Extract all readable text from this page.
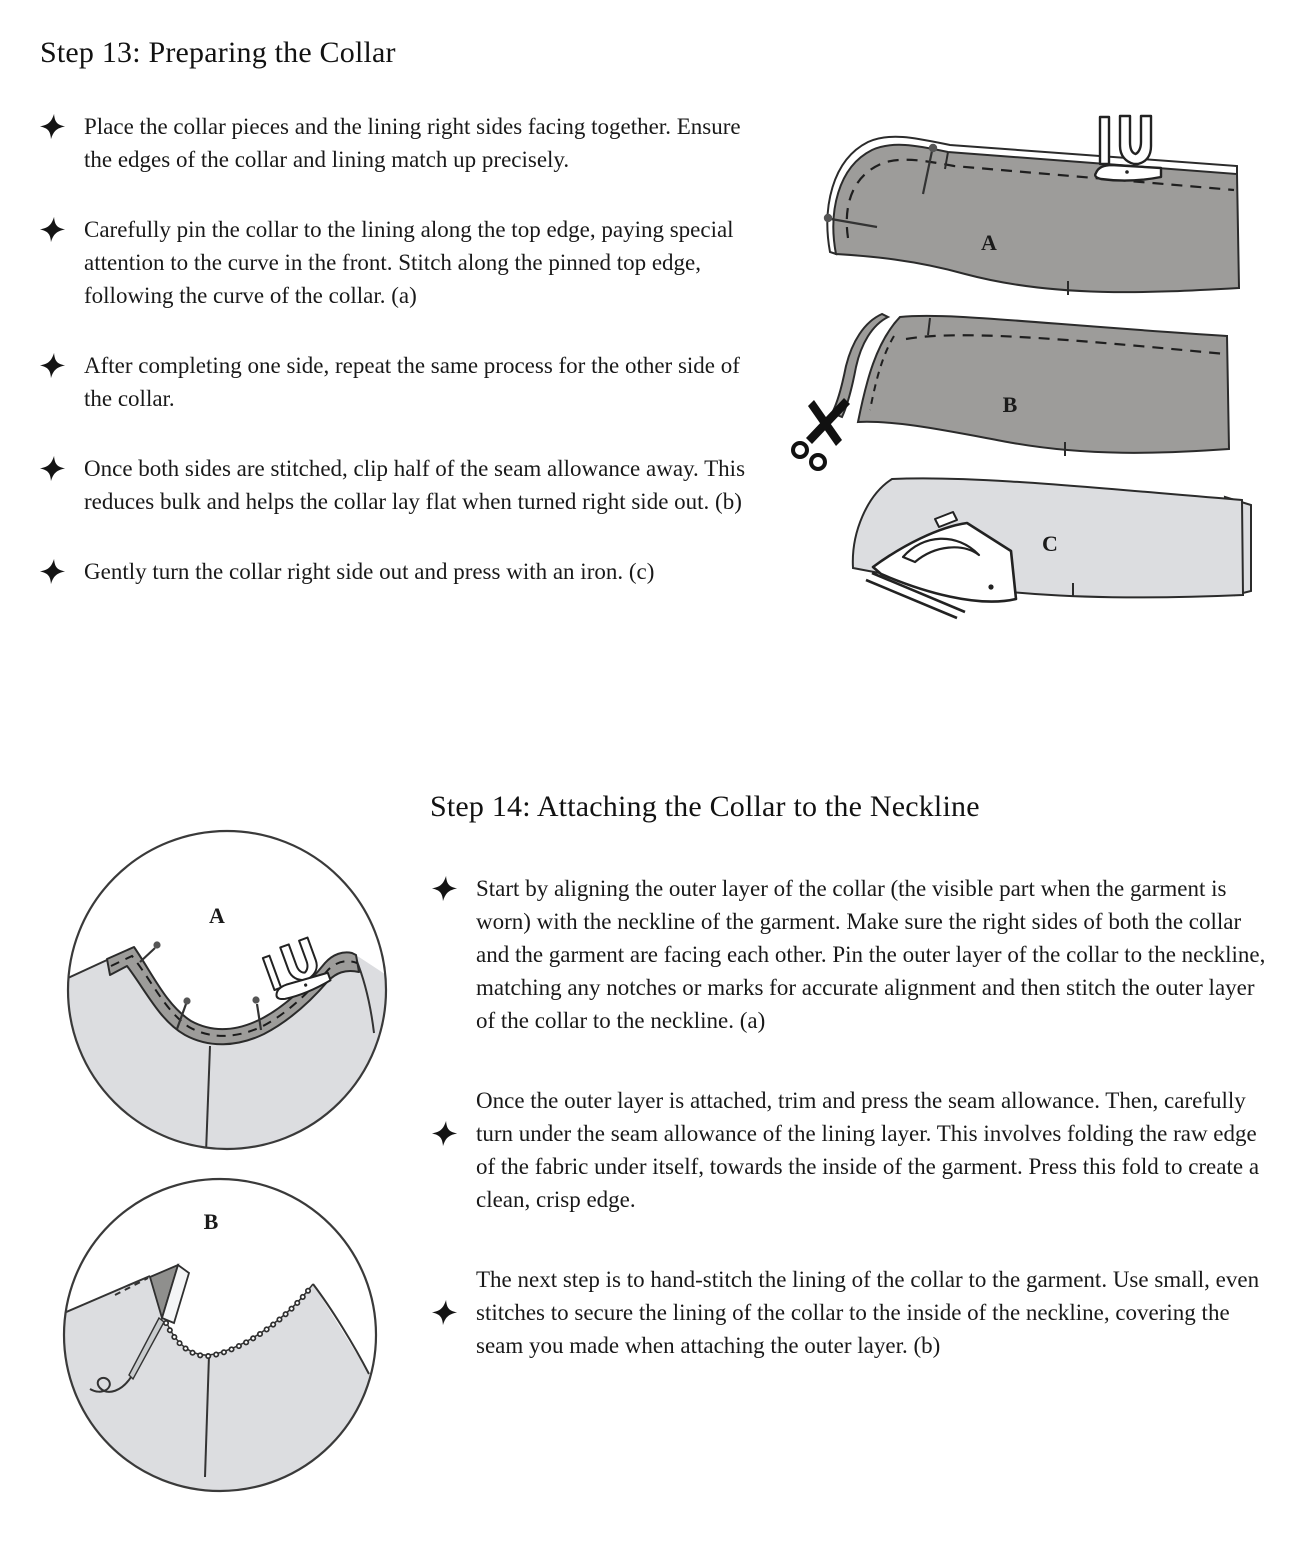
Step 13: Preparing the Collar

Place the collar pieces and the lining right sides facing together. Ensure the edges of the collar and lining match up precisely.

Carefully pin the collar to the lining along the top edge, paying special attention to the curve in the front. Stitch along the pinned top edge, following the curve of the collar. (a)

After completing one side, repeat the same process for the other side of the collar.

Once both sides are stitched, clip half of the seam allowance away. This reduces bulk and helps the collar lay flat when turned right side out. (b)

Gently turn the collar right side out and press with an iron. (c)

A
B
C
Step 14: Attaching the Collar to the Neckline

Start by aligning the outer layer of the collar (the visible part when the garment is worn) with the neckline of the garment. Make sure the right sides of both the collar and the garment are facing each other. Pin the outer layer of the collar to the neckline, matching any notches or marks for accurate alignment and then stitch the outer layer of the collar to the neckline. (a)

Once the outer layer is attached, trim and press the seam allowance. Then, carefully turn under the seam allowance of the lining layer. This involves folding the raw edge of the fabric under itself, towards the inside of the garment. Press this fold to create a clean, crisp edge.

The next step is to hand-stitch the lining of the collar to the garment. Use small, even stitches to secure the lining of the collar to the inside of the neckline, covering the seam you made when attaching the outer layer. (b)

A
B
